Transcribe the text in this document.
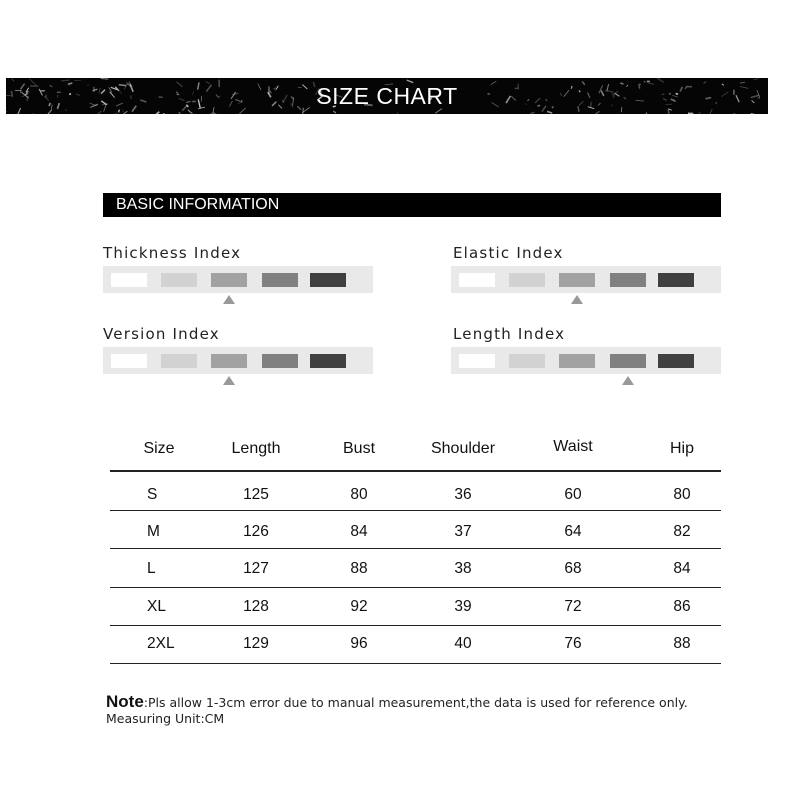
SIZE CHART
BASIC INFORMATION
Thickness Index	Elastic Index
Version Index	Length Index
Size	Length	Bust	Shoulder	Waist	Hip
S	125	80	36	60	80
M	126	84	37	64	82
L	127	88	38	68	84
XL	128	92	39	72	86
2XL	129	96	40	76	88
Note:Pls allow 1-3cm error due to manual measurement,the data is used for reference only.
Measuring Unit:CM
